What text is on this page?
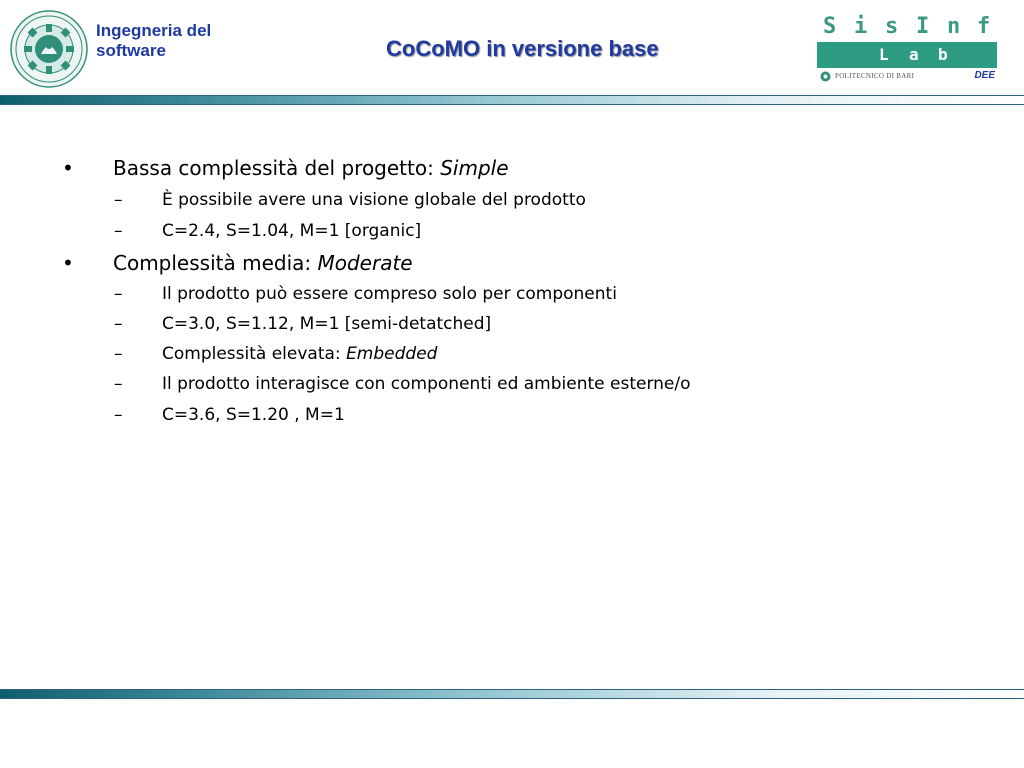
Ingegneria del
software	CoCoMO in versione base
S i s I n f
L a b
POLITECNICO DI BARI	DEE
• Bassa complessità del progetto: Simple
– È possibile avere una visione globale del prodotto
– C=2.4, S=1.04, M=1 [organic]
• Complessità media: Moderate
– Il prodotto può essere compreso solo per componenti
– C=3.0, S=1.12, M=1 [semi-detatched]
– Complessità elevata: Embedded
– Il prodotto interagisce con componenti ed ambiente esterne/o
– C=3.6, S=1.20 , M=1
